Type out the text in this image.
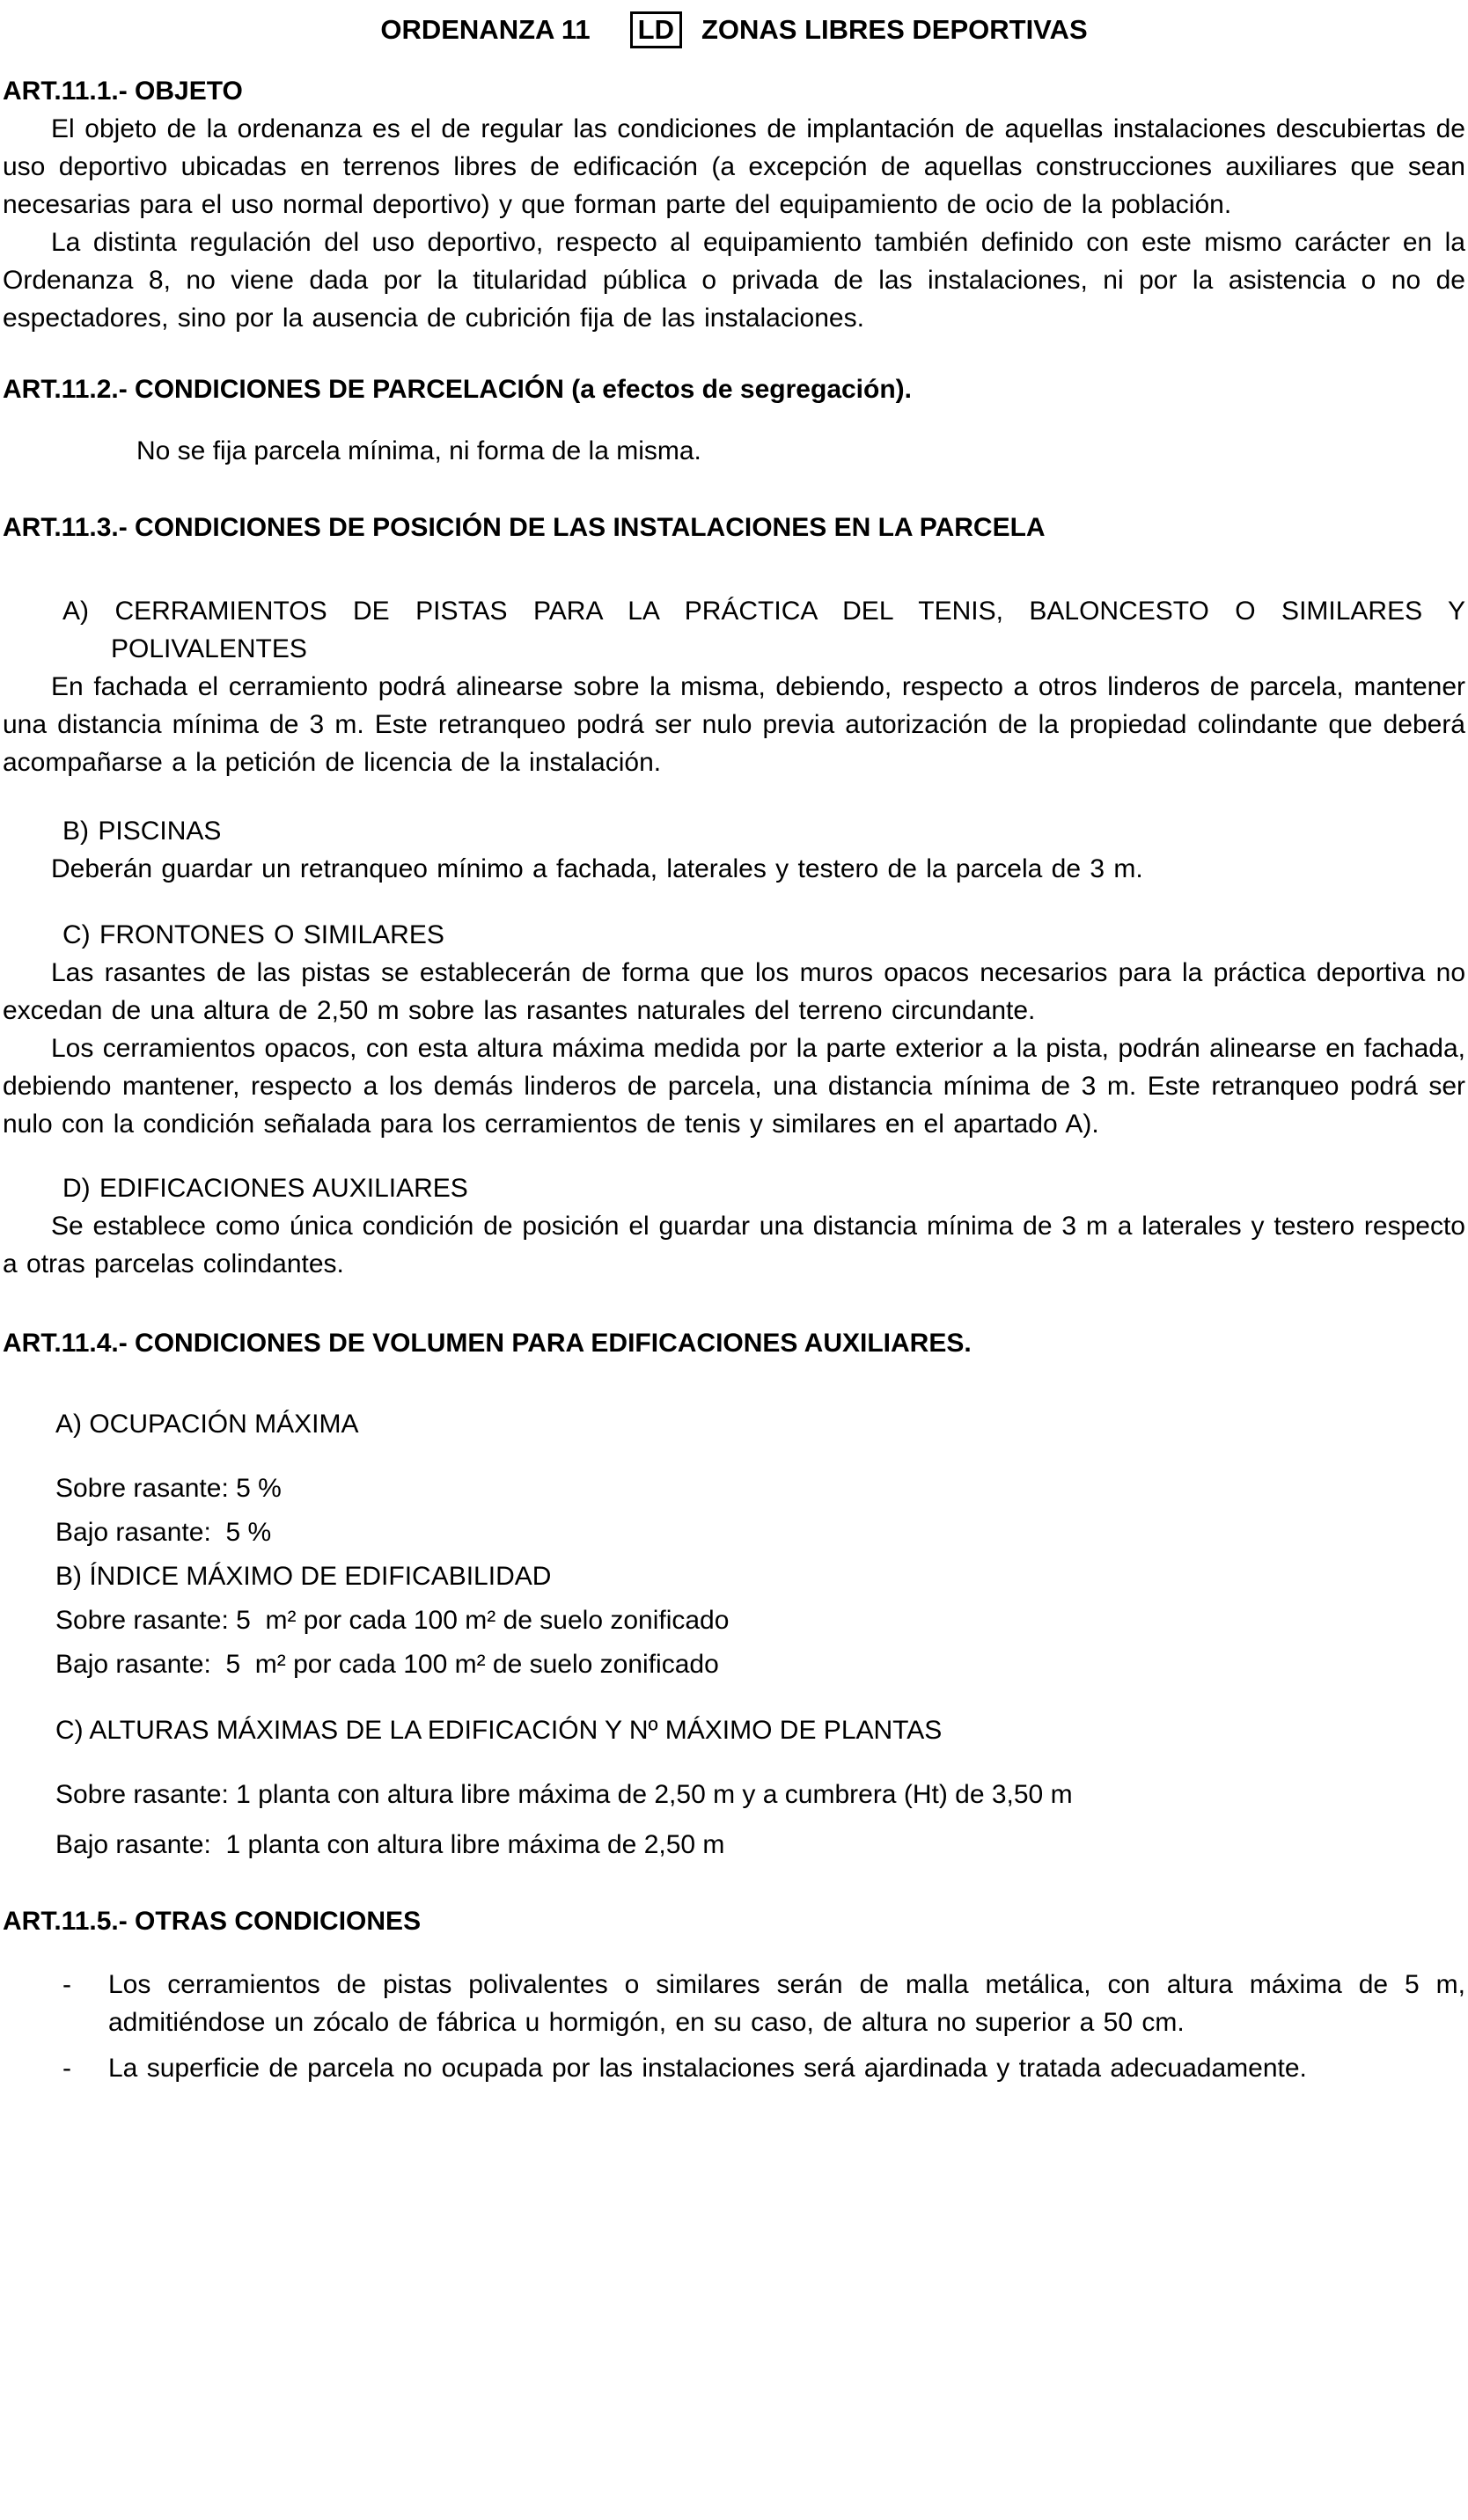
ORDENANZA 11 LD ZONAS LIBRES DEPORTIVAS
ART.11.1.- OBJETO

El objeto de la ordenanza es el de regular las condiciones de implantación de aquellas instalaciones descubiertas de uso deportivo ubicadas en terrenos libres de edificación (a excepción de aquellas construcciones auxiliares que sean necesarias para el uso normal deportivo) y que forman parte del equipamiento de ocio de la población.

La distinta regulación del uso deportivo, respecto al equipamiento también definido con este mismo carácter en la Ordenanza 8, no viene dada por la titularidad pública o privada de las instalaciones, ni por la asistencia o no de espectadores, sino por la ausencia de cubrición fija de las instalaciones.

ART.11.2.- CONDICIONES DE PARCELACIÓN (a efectos de segregación).

No se fija parcela mínima, ni forma de la misma.

ART.11.3.- CONDICIONES DE POSICIÓN DE LAS INSTALACIONES EN LA PARCELA

A) CERRAMIENTOS DE PISTAS PARA LA PRÁCTICA DEL TENIS, BALONCESTO O SIMILARES Y POLIVALENTES

En fachada el cerramiento podrá alinearse sobre la misma, debiendo, respecto a otros linderos de parcela, mantener una distancia mínima de 3 m. Este retranqueo podrá ser nulo previa autorización de la propiedad colindante que deberá acompañarse a la petición de licencia de la instalación.

B) PISCINAS

Deberán guardar un retranqueo mínimo a fachada, laterales y testero de la parcela de 3 m.

C) FRONTONES O SIMILARES

Las rasantes de las pistas se establecerán de forma que los muros opacos necesarios para la práctica deportiva no excedan de una altura de 2,50 m sobre las rasantes naturales del terreno circundante.

Los cerramientos opacos, con esta altura máxima medida por la parte exterior a la pista, podrán alinearse en fachada, debiendo mantener, respecto a los demás linderos de parcela, una distancia mínima de 3 m. Este retranqueo podrá ser nulo con la condición señalada para los cerramientos de tenis y similares en el apartado A).

D) EDIFICACIONES AUXILIARES

Se establece como única condición de posición el guardar una distancia mínima de 3 m a laterales y testero respecto a otras parcelas colindantes.

ART.11.4.- CONDICIONES DE VOLUMEN PARA EDIFICACIONES AUXILIARES.

A) OCUPACIÓN MÁXIMA

Sobre rasante: 5 %

Bajo rasante:  5 %

B) ÍNDICE MÁXIMO DE EDIFICABILIDAD

Sobre rasante: 5  m² por cada 100 m² de suelo zonificado

Bajo rasante:  5  m² por cada 100 m² de suelo zonificado

C) ALTURAS MÁXIMAS DE LA EDIFICACIÓN Y Nº MÁXIMO DE PLANTAS

Sobre rasante: 1 planta con altura libre máxima de 2,50 m y a cumbrera (Ht) de 3,50 m

Bajo rasante:  1 planta con altura libre máxima de 2,50 m

ART.11.5.- OTRAS CONDICIONES

- Los cerramientos de pistas polivalentes o similares serán de malla metálica, con altura máxima de 5 m, admitiéndose un zócalo de fábrica u hormigón, en su caso, de altura no superior a 50 cm.

- La superficie de parcela no ocupada por las instalaciones será ajardinada y tratada adecuadamente.
